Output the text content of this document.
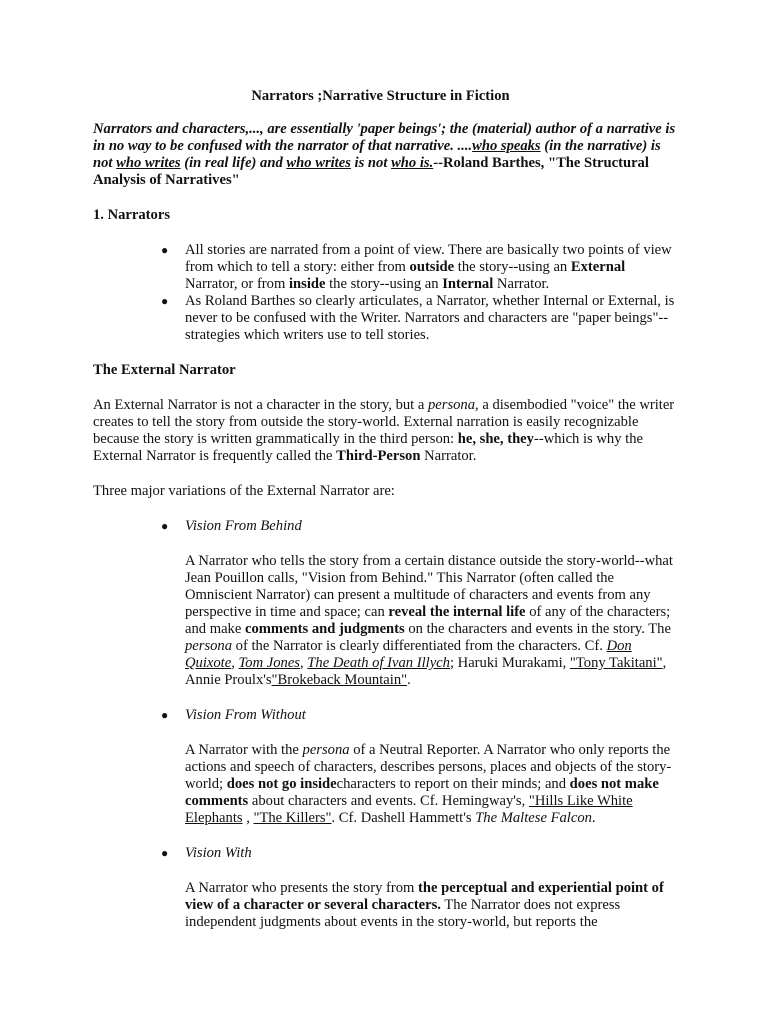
Narrators ;Narrative Structure in Fiction
Narrators and characters,..., are essentially 'paper beings'; the (material) author of a narrative is in no way to be confused with the narrator of that narrative. ....who speaks (in the narrative) is not who writes (in real life) and who writes is not who is.--Roland Barthes, "The Structural Analysis of Narratives"
1. Narrators
● All stories are narrated from a point of view. There are basically two points of view from which to tell a story: either from outside the story--using an External Narrator, or from inside the story--using an Internal Narrator.
● As Roland Barthes so clearly articulates, a Narrator, whether Internal or External, is never to be confused with the Writer. Narrators and characters are "paper beings"--strategies which writers use to tell stories.
The External Narrator

An External Narrator is not a character in the story, but a persona, a disembodied "voice" the writer creates to tell the story from outside the story-world. External narration is easily recognizable because the story is written grammatically in the third person: he, she, they--which is why the External Narrator is frequently called the Third-Person Narrator.

Three major variations of the External Narrator are:

● Vision From Behind
A Narrator who tells the story from a certain distance outside the story-world--what Jean Pouillon calls, "Vision from Behind." This Narrator (often called the Omniscient Narrator) can present a multitude of characters and events from any perspective in time and space; can reveal the internal life of any of the characters; and make comments and judgments on the characters and events in the story. The persona of the Narrator is clearly differentiated from the characters. Cf. Don Quixote, Tom Jones, The Death of Ivan Illych; Haruki Murakami, "Tony Takitani", Annie Proulx's"Brokeback Mountain".
● Vision From Without
A Narrator with the persona of a Neutral Reporter. A Narrator who only reports the actions and speech of characters, describes persons, places and objects of the story-world; does not go insidecharacters to report on their minds; and does not make comments about characters and events. Cf. Hemingway's, "Hills Like White Elephants , "The Killers". Cf. Dashell Hammett's The Maltese Falcon.
● Vision With
A Narrator who presents the story from the perceptual and experiential point of view of a character or several characters. The Narrator does not express independent judgments about events in the story-world, but reports the
